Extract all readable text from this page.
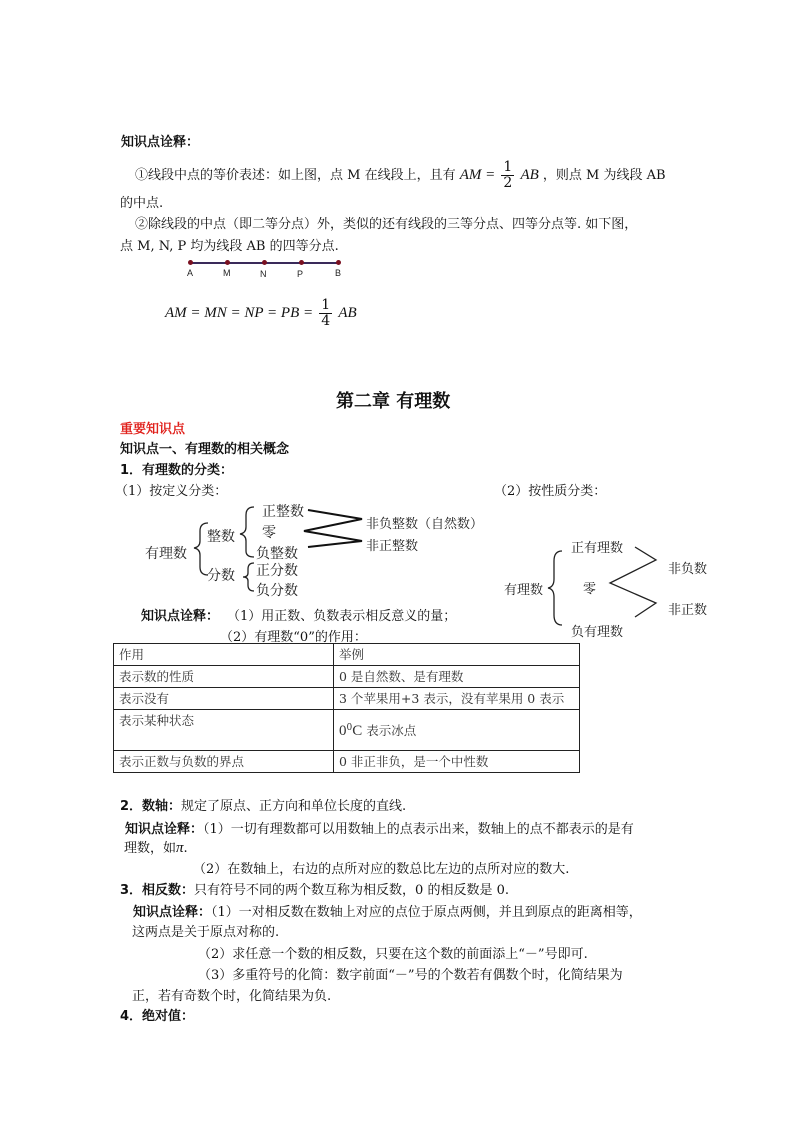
知识点诠释：
①线段中点的等价表述：如上图，点 M 在线段上，且有 AM = $\frac{1}{2}$ AB ，则点 M 为线段 AB
的中点.
②除线段的中点（即二等分点）外，类似的还有线段的三等分点、四等分点等. 如下图，
点 M, N, P 均为线段 AB 的四等分点.
A	M	N	P	B
AM = MN = NP = PB = $\frac{1}{4}$ AB
第二章 有理数
重要知识点
知识点一、有理数的相关概念
1．有理数的分类：
（1）按定义分类：	（2）按性质分类：
有理数
整数
正整数
零
负整数
分数 正分数
负分数
非负整数（自然数）
非正整数
有理数
正有理数
零
负有理数
非负数
非正数
知识点诠释： （1）用正数、负数表示相反意义的量；
（2）有理数“0”的作用：
作用	举例
表示数的性质	0 是自然数、是有理数
表示没有	3 个苹果用+3 表示，没有苹果用 0 表示
表示某种状态	$0^0C$ 表示冰点
表示正数与负数的界点	0 非正非负，是一个中性数
2．数轴：规定了原点、正方向和单位长度的直线.
知识点诠释：（1）一切有理数都可以用数轴上的点表示出来，数轴上的点不都表示的是有
理数，如π.
（2）在数轴上，右边的点所对应的数总比左边的点所对应的数大.
3．相反数：只有符号不同的两个数互称为相反数，0 的相反数是 0.
知识点诠释：（1）一对相反数在数轴上对应的点位于原点两侧，并且到原点的距离相等，
这两点是关于原点对称的.
（2）求任意一个数的相反数，只要在这个数的前面添上“－”号即可.
（3）多重符号的化简：数字前面“－”号的个数若有偶数个时，化简结果为
正，若有奇数个时，化简结果为负.
4．绝对值：
